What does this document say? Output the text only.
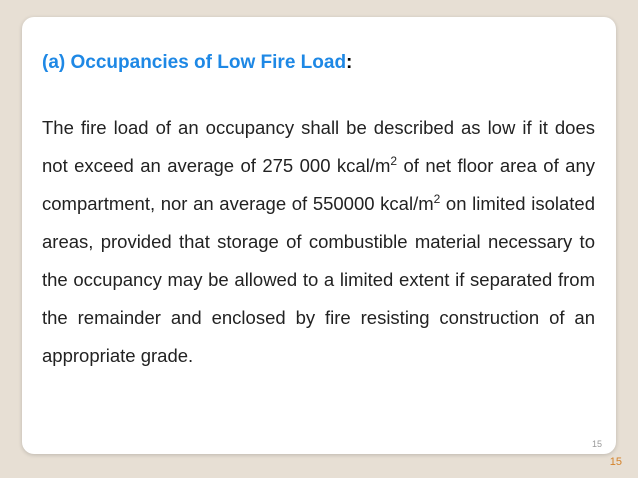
(a) Occupancies of Low Fire Load:

The fire load of an occupancy shall be described as low if it does not exceed an average of 275 000 kcal/$m^2$ of net floor area of any compartment, nor an average of 550000 kcal/$m^2$ on limited isolated areas, provided that storage of combustible material necessary to the occupancy may be allowed to a limited extent if separated from the remainder and enclosed by fire resisting construction of an appropriate grade.

15
15
